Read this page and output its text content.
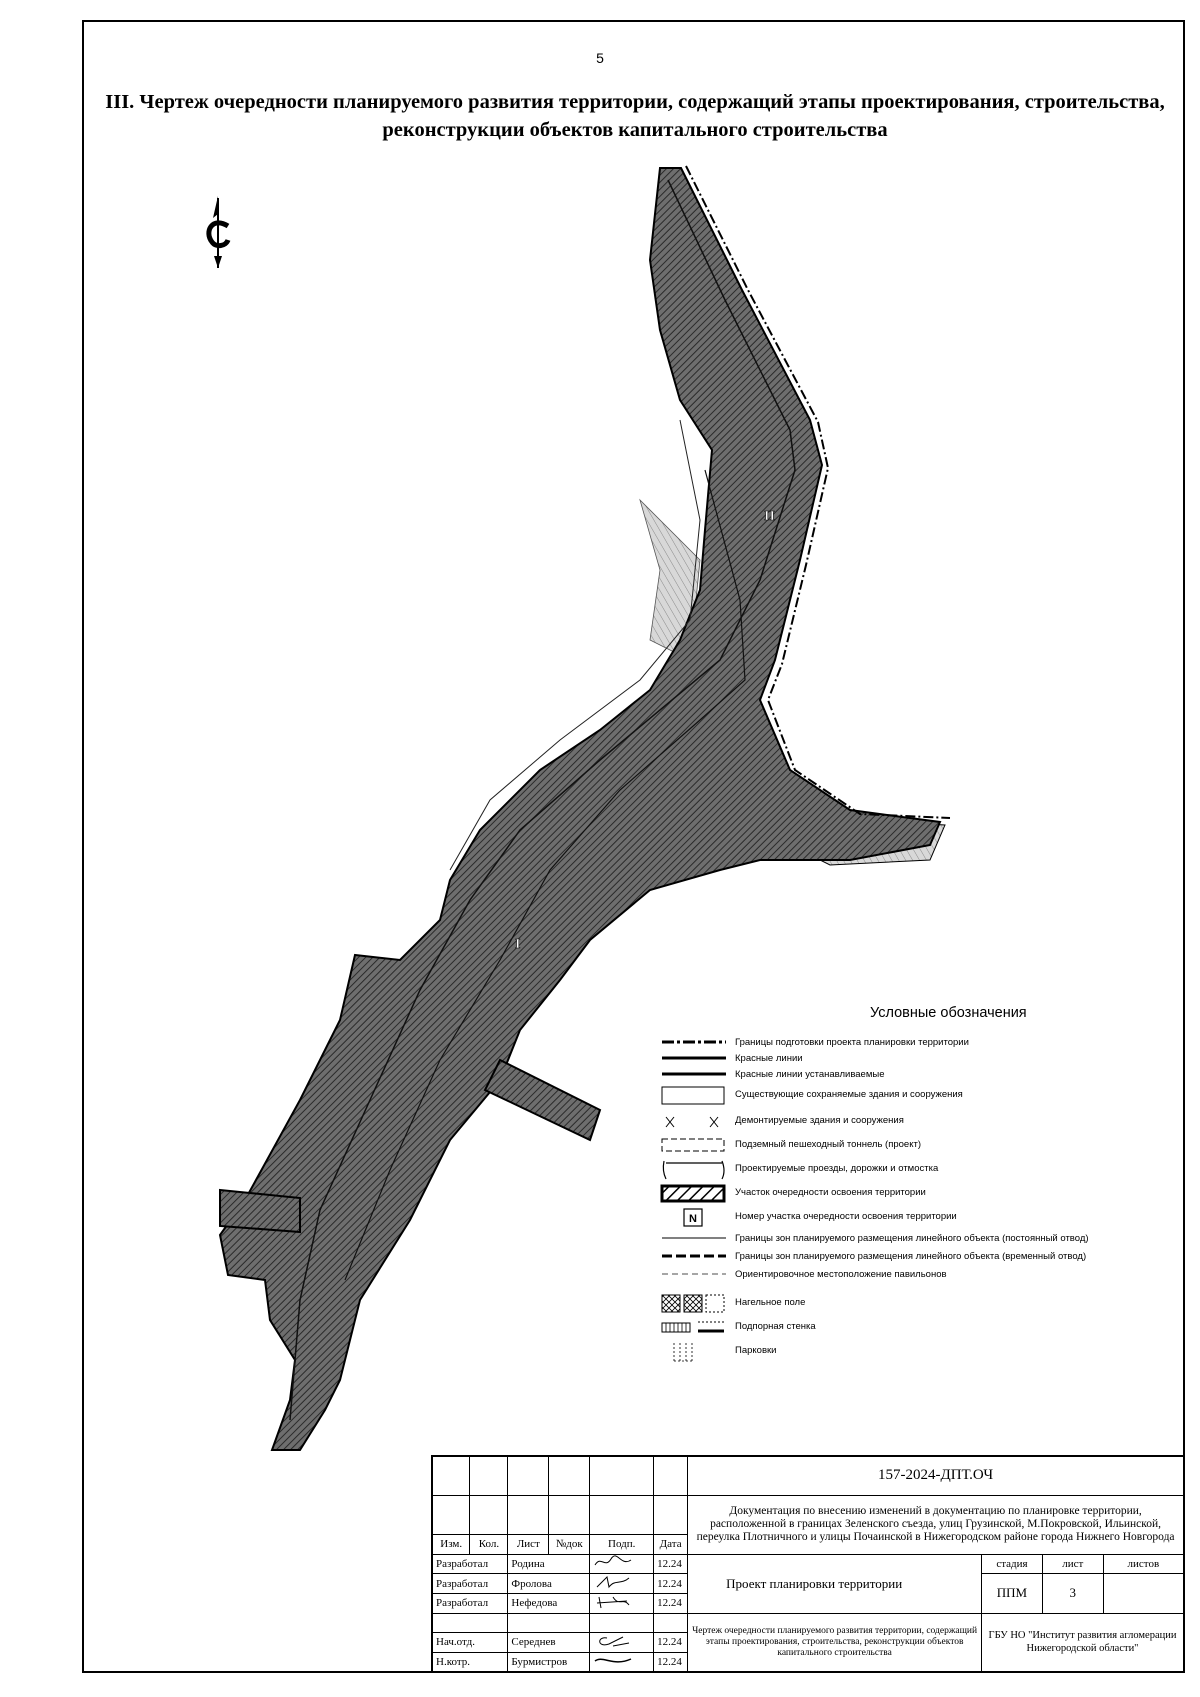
5
III. Чертеж очередности планируемого развития территории, содержащий этапы проектирования, строительства,
реконструкции объектов капитального строительства
I
II
Условные обозначения
Границы подготовки проекта планировки территории
Красные линии
Красные линии устанавливаемые
Существующие сохраняемые здания и сооружения
Демонтируемые здания и сооружения
Подземный пешеходный тоннель (проект)
Проектируемые проезды, дорожки и отмостка
Участок очередности освоения территории
N	Номер участка очередности освоения территории
Границы зон планируемого размещения линейного объекта (постоянный отвод)
Границы зон планируемого размещения линейного объекта (временный отвод)
Ориентировочное местоположение павильонов
Нагельное поле
Подпорная стенка
Парковки
						157-2024-ДПТ.ОЧ			
						Документация по внесению изменений в документацию по планировке территории, расположенной в границах Зеленского съезда, улиц Грузинской, М.Покровской, Ильинской, переулка Плотничного и улицы Почаинской в Нижегородском районе города Нижнего Новгорода			
Изм.	Кол.	Лист	№док	Подп.	Дата				
Разработал		Родина			12.24	Проект планировки территории	стадия	лист	листов
Разработал		Фролова			12.24		ППМ	3	
Разработал		Нефедова			12.24				
						Чертеж очередности планируемого развития территории, содержащий этапы проектирования, строительства, реконструкции объектов капитального строительства	ГБУ НО "Институт развития агломерации Нижегородской области"		
Нач.отд.		Середнев			12.24				
Н.котр.		Бурмистров			12.24				
